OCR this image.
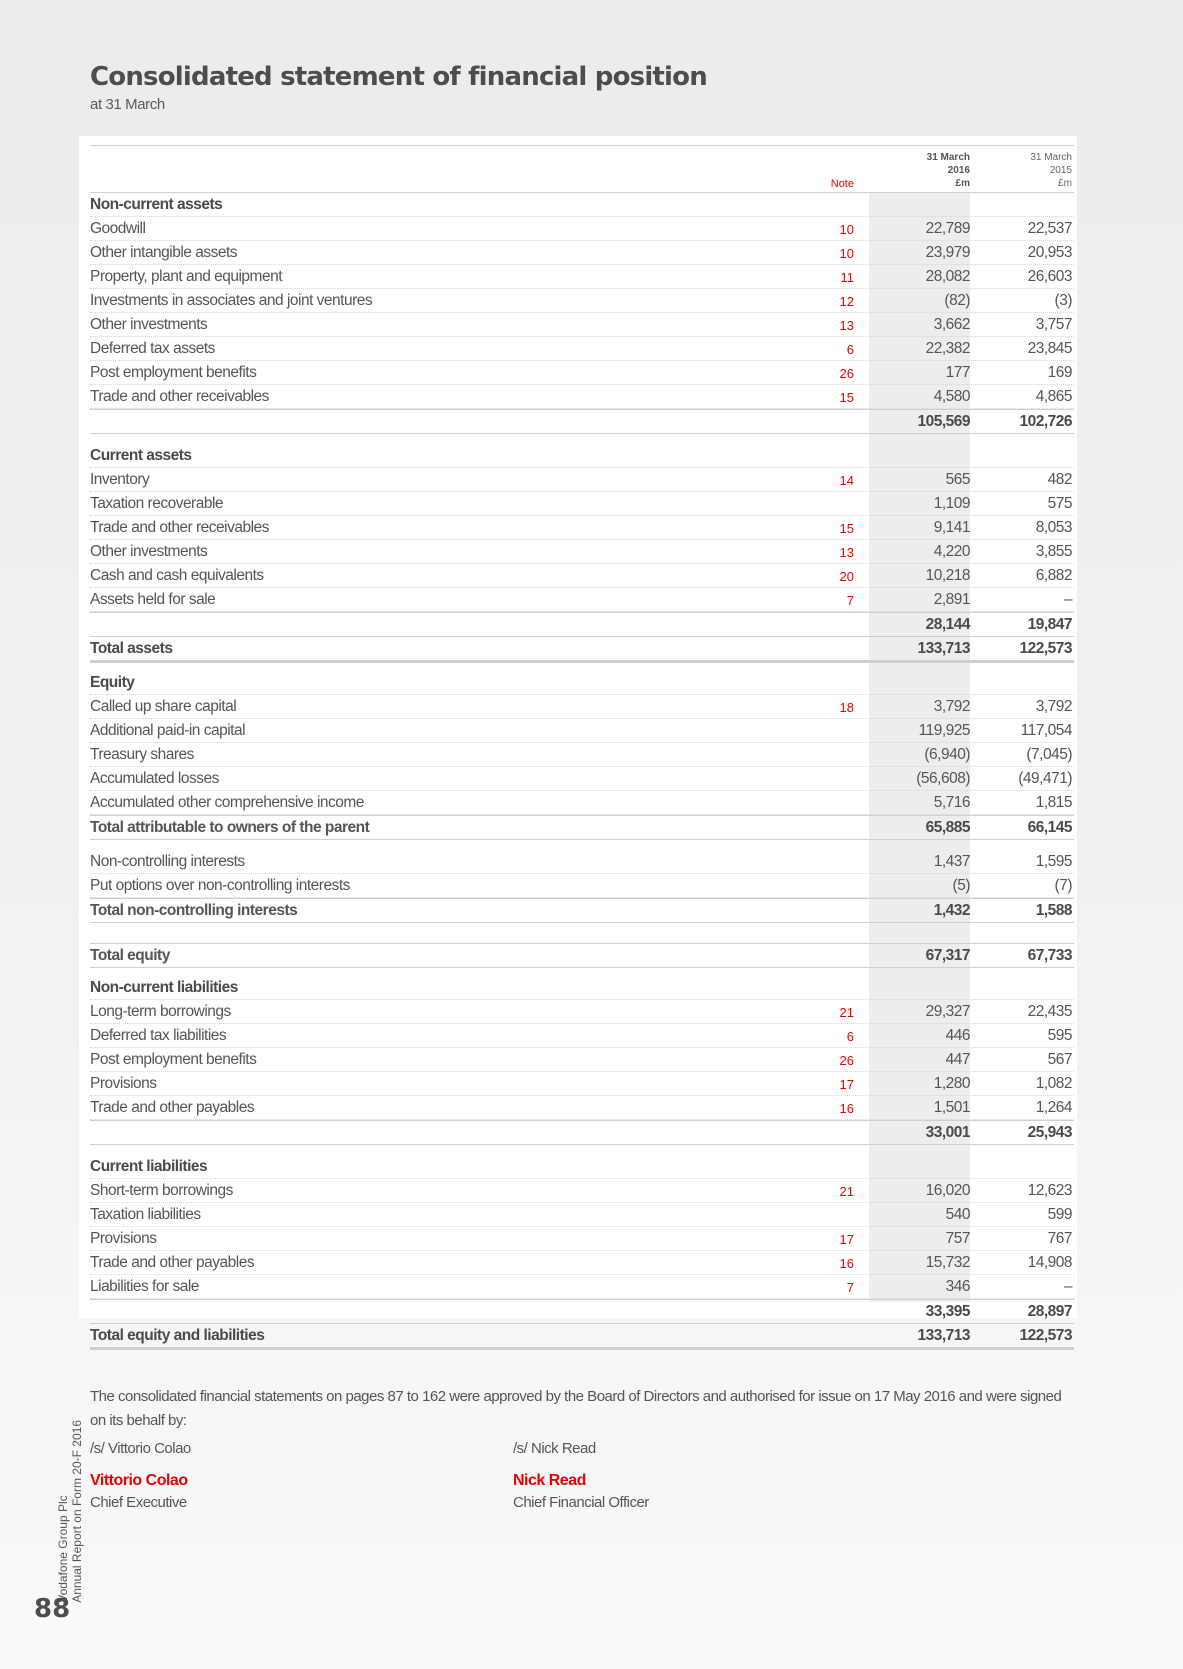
Consolidated statement of financial position
at 31 March
Note
31 March
2016
£m
31 March
2015
£m
Non-current assets
Goodwill	10	22,789	22,537
Other intangible assets	10	23,979	20,953
Property, plant and equipment	11	28,082	26,603
Investments in associates and joint ventures	12	(82)	(3)
Other investments	13	3,662	3,757
Deferred tax assets	6	22,382	23,845
Post employment benefits	26	177	169
Trade and other receivables	15	4,580	4,865
105,569	102,726
Current assets
Inventory	14	565	482
Taxation recoverable	1,109	575
Trade and other receivables	15	9,141	8,053
Other investments	13	4,220	3,855
Cash and cash equivalents	20	10,218	6,882
Assets held for sale	7	2,891	–
28,144	19,847
Total assets	133,713	122,573
Equity
Called up share capital	18	3,792	3,792
Additional paid-in capital	119,925	117,054
Treasury shares	(6,940)	(7,045)
Accumulated losses	(56,608)	(49,471)
Accumulated other comprehensive income	5,716	1,815
Total attributable to owners of the parent	65,885	66,145
Non-controlling interests	1,437	1,595
Put options over non-controlling interests	(5)	(7)
Total non-controlling interests	1,432	1,588
Total equity	67,317	67,733
Non-current liabilities
Long-term borrowings	21	29,327	22,435
Deferred tax liabilities	6	446	595
Post employment benefits	26	447	567
Provisions	17	1,280	1,082
Trade and other payables	16	1,501	1,264
33,001	25,943
Current liabilities
Short-term borrowings	21	16,020	12,623
Taxation liabilities	540	599
Provisions	17	757	767
Trade and other payables	16	15,732	14,908
Liabilities for sale	7	346	–
33,395	28,897
Total equity and liabilities	133,713	122,573
The consolidated financial statements on pages 87 to 162 were approved by the Board of Directors and authorised for issue on 17 May 2016 and were signed on its behalf by:
/s/ Vittorio Colao
Vittorio Colao
Chief Executive
/s/ Nick Read
Nick Read
Chief Financial Officer
Vodafone Group Plc Annual Report on Form 20-F 2016
88
